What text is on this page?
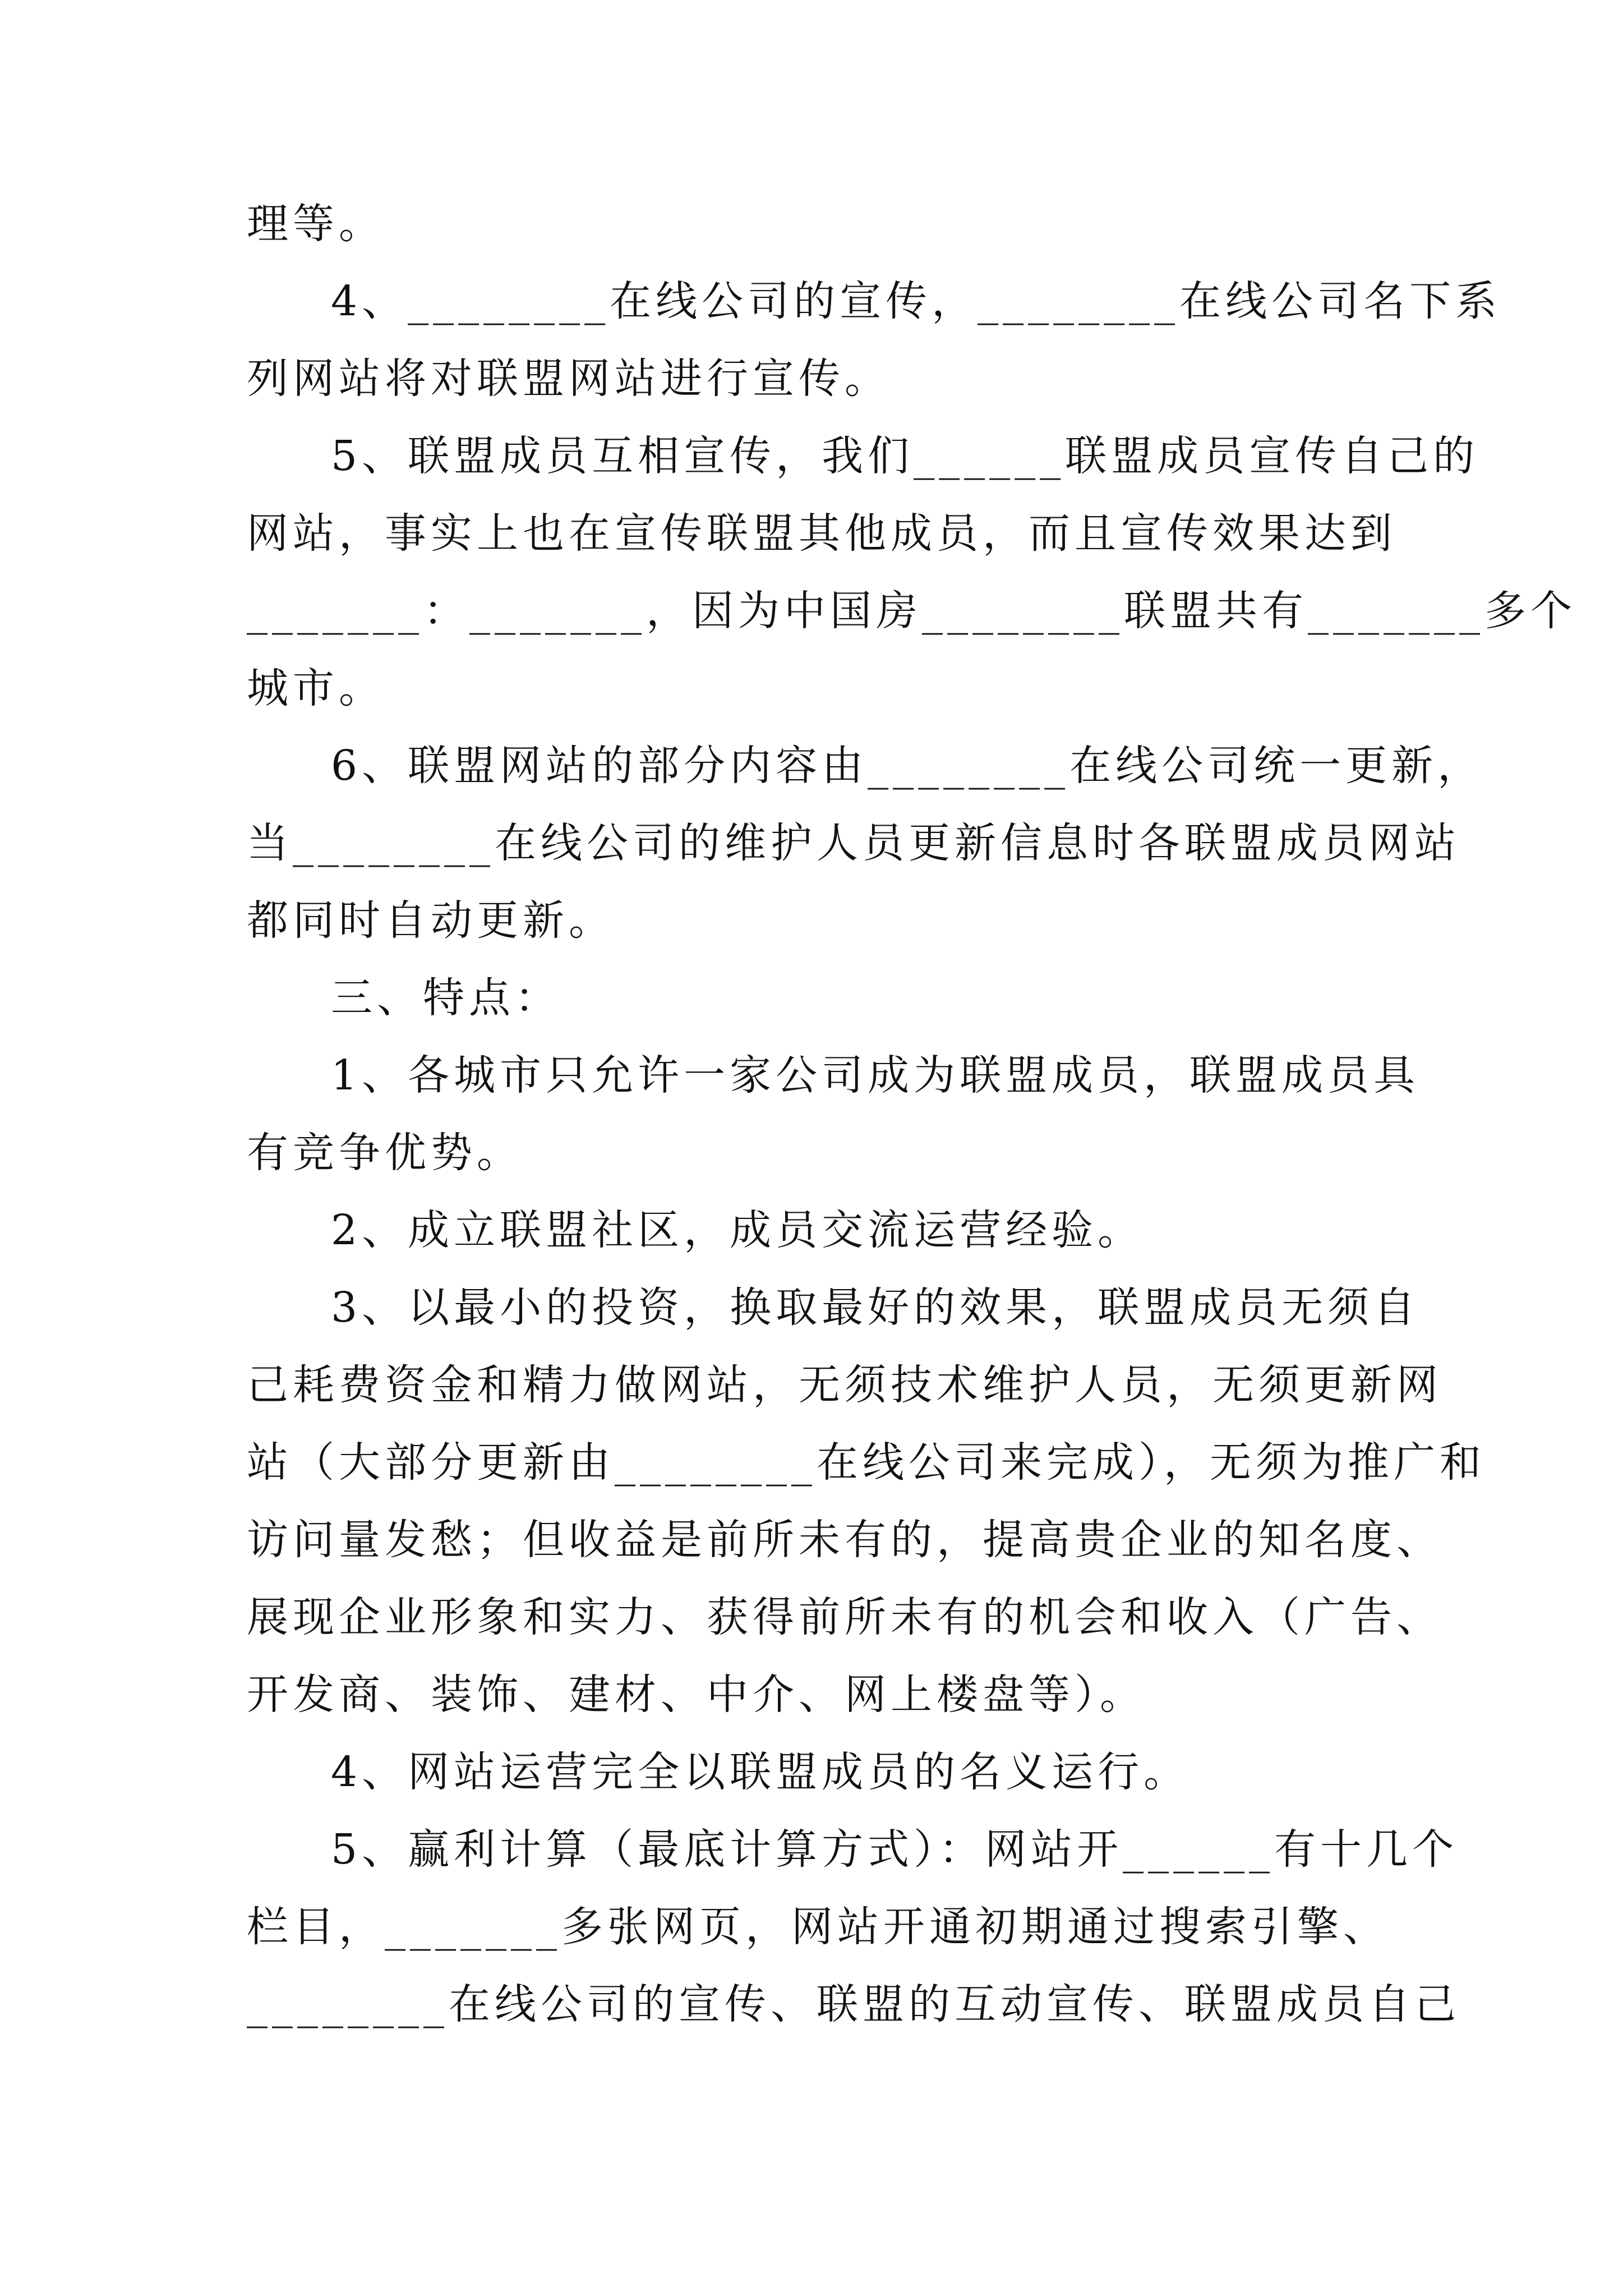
理等。
4、________在线公司的宣传，________在线公司名下系
列网站将对联盟网站进行宣传。
5、联盟成员互相宣传，我们______联盟成员宣传自己的
网站，事实上也在宣传联盟其他成员，而且宣传效果达到
_______：_______，因为中国房________联盟共有_______多个
城市。
6、联盟网站的部分内容由________在线公司统一更新，
当________在线公司的维护人员更新信息时各联盟成员网站
都同时自动更新。
三、特点：
1、各城市只允许一家公司成为联盟成员，联盟成员具
有竞争优势。
2、成立联盟社区，成员交流运营经验。
3、以最小的投资，换取最好的效果，联盟成员无须自
己耗费资金和精力做网站，无须技术维护人员，无须更新网
站（大部分更新由________在线公司来完成），无须为推广和
访问量发愁；但收益是前所未有的，提高贵企业的知名度、
展现企业形象和实力、获得前所未有的机会和收入（广告、
开发商、装饰、建材、中介、网上楼盘等）。
4、网站运营完全以联盟成员的名义运行。
5、赢利计算（最底计算方式）：网站开______有十几个
栏目，_______多张网页，网站开通初期通过搜索引擎、
________在线公司的宣传、联盟的互动宣传、联盟成员自己
